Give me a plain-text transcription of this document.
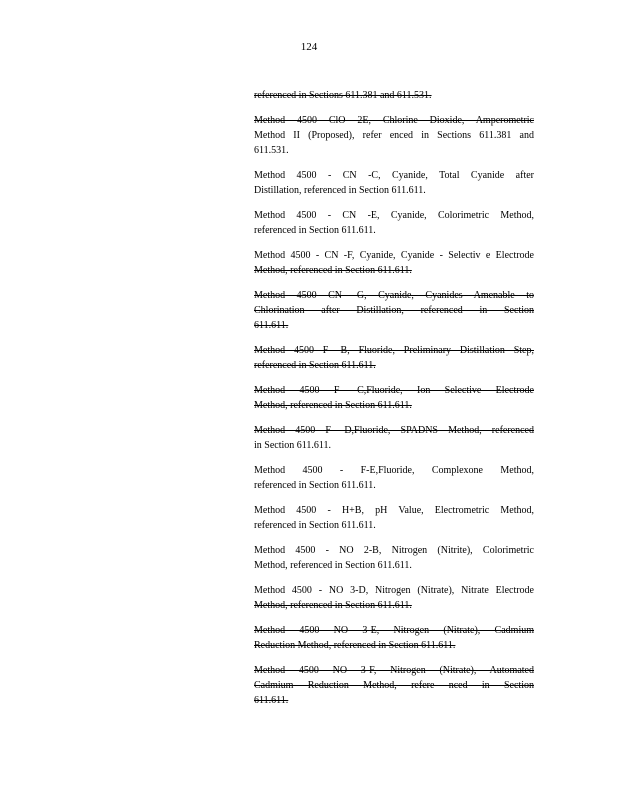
124
referenced in Sections 611.381 and 611.531.
Method 4500 ClO 2E, Chlorine Dioxide, Amperometric
Method II (Proposed), refer enced in Sections 611.381 and
611.531.
Method 4500 - CN -C, Cyanide, Total Cyanide after
Distillation, referenced in Section 611.611.
Method 4500 - CN -E, Cyanide, Colorimetric Method,
referenced in Section 611.611.
Method 4500 - CN -F, Cyanide, Cyanide - Selectiv e Electrode
Method, referenced in Section 611.611.
Method 4500 CN- G, Cyanide, Cyanides Amenable to
Chlorination after Distillation, referenced in Section
611.611.
Method 4500 F- B, Fluoride, Preliminary Distillation Step,
referenced in Section 611.611.
Method 4500 F- C,Fluoride, Ion Selective Electrode
Method, referenced in Section 611.611.
Method 4500 F- D,Fluoride, SPADNS Method, referenced
in Section 611.611.
Method 4500 - F-E,Fluoride, Complexone Method,
referenced in Section 611.611.
Method 4500 - H+B, pH Value, Electrometric Method,
referenced in Section 611.611.
Method 4500 - NO 2-B, Nitrogen (Nitrite), Colorimetric
Method, referenced in Section 611.611.
Method 4500 - NO 3-D, Nitrogen (Nitrate), Nitrate Electrode
Method, referenced in Section 611.611.
Method 4500 NO 3-E, Nitrogen (Nitrate), Cadmium
Reduction Method, referenced in Section 611.611.
Method 4500 NO 3-F, Nitrogen (Nitrate), Automated
Cadmium Reduction Method, refere nced in Section
611.611.
